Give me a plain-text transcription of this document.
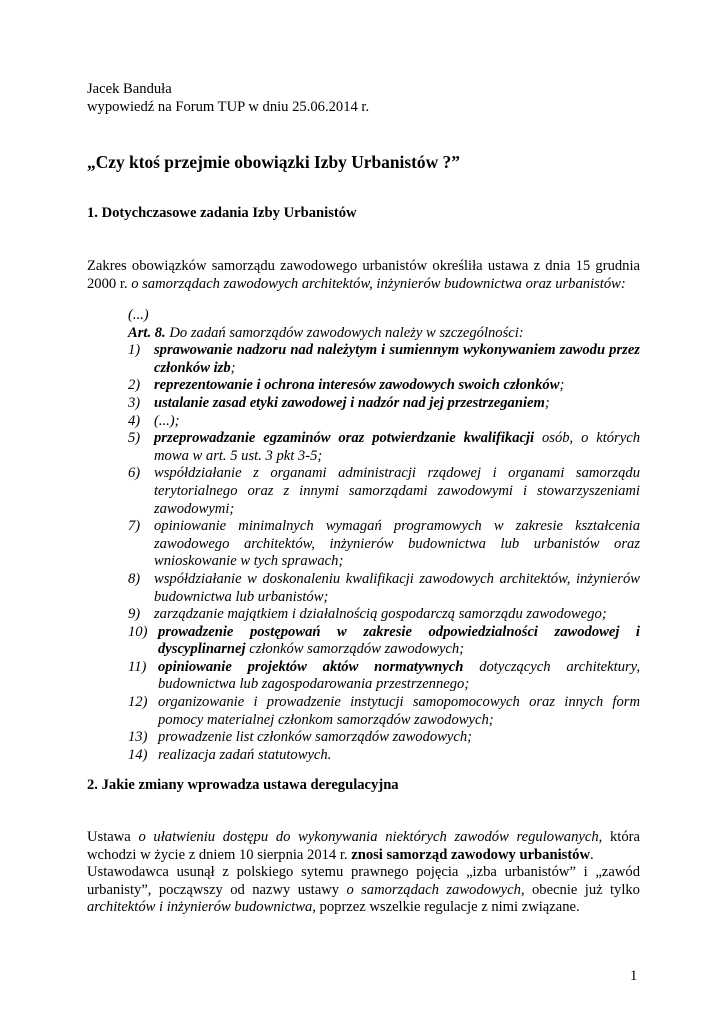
Jacek Banduła
wypowiedź na Forum TUP w dniu 25.06.2014 r.
„Czy ktoś przejmie obowiązki Izby Urbanistów ?”
1. Dotychczasowe zadania Izby Urbanistów

Zakres obowiązków samorządu zawodowego urbanistów określiła ustawa z dnia 15 grudnia 2000 r. o samorządach zawodowych architektów, inżynierów budownictwa oraz urbanistów:

(...)
Art. 8. Do zadań samorządów zawodowych należy w szczególności:
1) sprawowanie nadzoru nad należytym i sumiennym wykonywaniem zawodu przez członków izb;
2) reprezentowanie i ochrona interesów zawodowych swoich członków;
3) ustalanie zasad etyki zawodowej i nadzór nad jej przestrzeganiem;
4) (...);
5) przeprowadzanie egzaminów oraz potwierdzanie kwalifikacji osób, o których mowa w art. 5 ust. 3 pkt 3-5;
6) współdziałanie z organami administracji rządowej i organami samorządu terytorialnego oraz z innymi samorządami zawodowymi i stowarzyszeniami zawodowymi;
7) opiniowanie minimalnych wymagań programowych w zakresie kształcenia zawodowego architektów, inżynierów budownictwa lub urbanistów oraz wnioskowanie w tych sprawach;
8) współdziałanie w doskonaleniu kwalifikacji zawodowych architektów, inżynierów budownictwa lub urbanistów;
9) zarządzanie majątkiem i działalnością gospodarczą samorządu zawodowego;
10) prowadzenie postępowań w zakresie odpowiedzialności zawodowej i dyscyplinarnej członków samorządów zawodowych;
11) opiniowanie projektów aktów normatywnych dotyczących architektury, budownictwa lub zagospodarowania przestrzennego;
12) organizowanie i prowadzenie instytucji samopomocowych oraz innych form pomocy materialnej członkom samorządów zawodowych;
13) prowadzenie list członków samorządów zawodowych;
14) realizacja zadań statutowych.
2. Jakie zmiany wprowadza ustawa deregulacyjna
Ustawa o ułatwieniu dostępu do wykonywania niektórych zawodów regulowanych, która wchodzi w życie z dniem 10 sierpnia 2014 r. znosi samorząd zawodowy urbanistów.
Ustawodawca usunął z polskiego sytemu prawnego pojęcia „izba urbanistów” i „zawód urbanisty”, począwszy od nazwy ustawy o samorządach zawodowych, obecnie już tylko architektów i inżynierów budownictwa, poprzez wszelkie regulacje z nimi związane.
1
